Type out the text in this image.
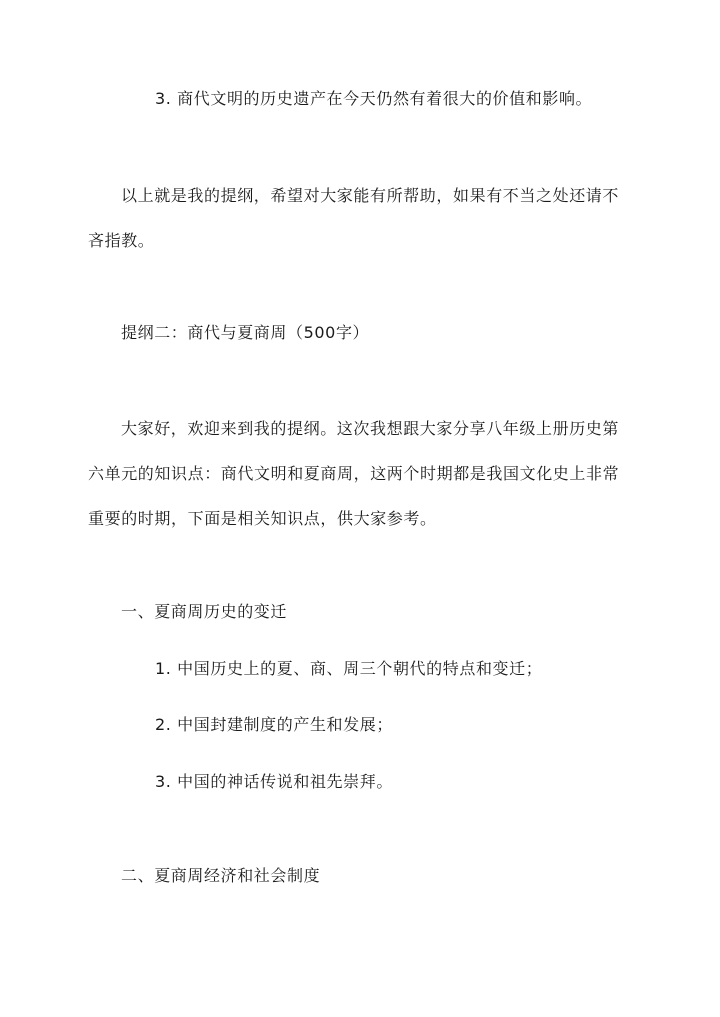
3. 商代文明的历史遗产在今天仍然有着很大的价值和影响。
以上就是我的提纲，希望对大家能有所帮助，如果有不当之处还请不
吝指教。
提纲二：商代与夏商周（500字）
大家好，欢迎来到我的提纲。这次我想跟大家分享八年级上册历史第
六单元的知识点：商代文明和夏商周，这两个时期都是我国文化史上非常
重要的时期，下面是相关知识点，供大家参考。
一、夏商周历史的变迁
1. 中国历史上的夏、商、周三个朝代的特点和变迁；
2. 中国封建制度的产生和发展；
3. 中国的神话传说和祖先崇拜。
二、夏商周经济和社会制度
